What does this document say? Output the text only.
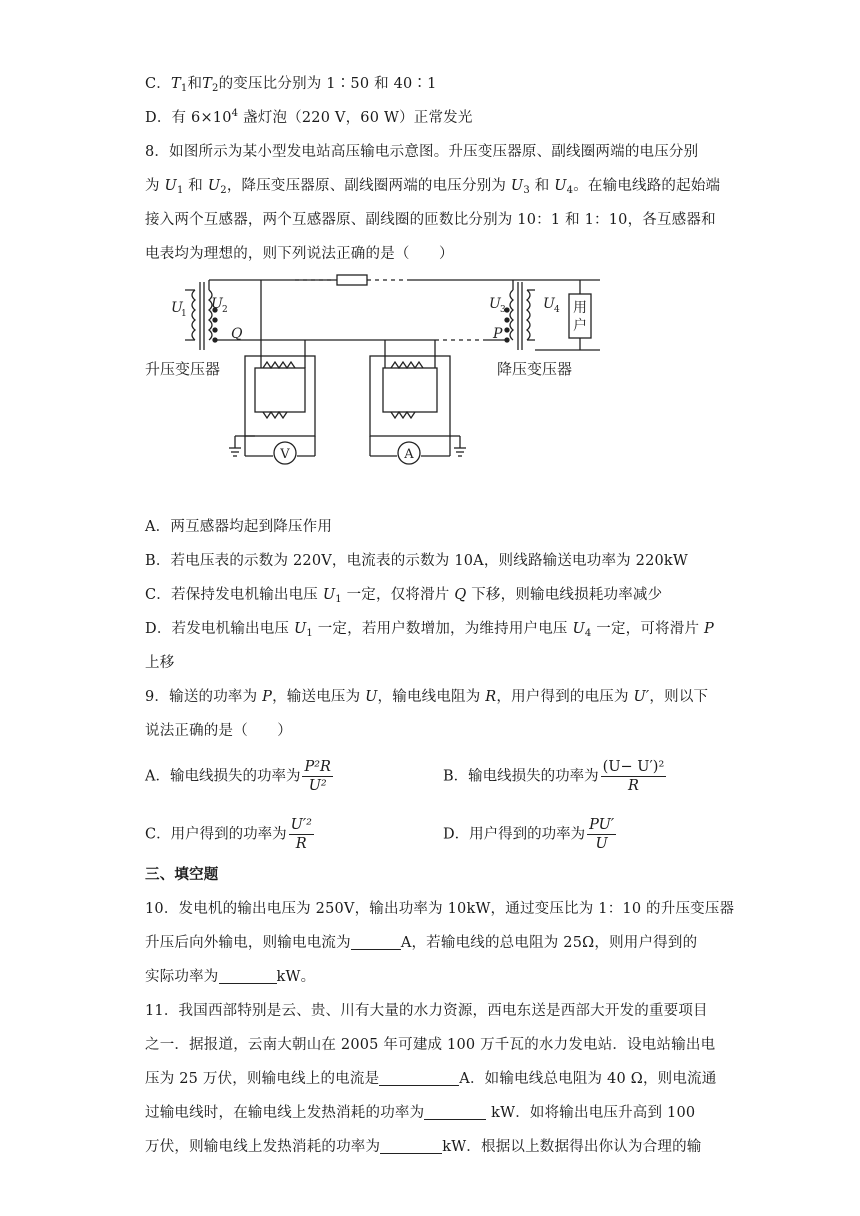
C．$T_1$和$T_2$的变压比分别为 1∶50 和 40∶1
D．有 $6\times 10^4$ 盏灯泡（220 V，60 W）正常发光
8．如图所示为某小型发电站高压输电示意图。升压变压器原、副线圈两端的电压分别
为 $U_1$ 和 $U_2$，降压变压器原、副线圈两端的电压分别为 $U_3$ 和 $U_4$。在输电线路的起始端
接入两个互感器，两个互感器原、副线圈的匝数比分别为 10：1 和 1：10，各互感器和
电表均为理想的，则下列说法正确的是（　　）
V	A
用
户
U
1
U 2
Q
U 3	U 4
P
升压变压器	降压变压器
A．两互感器均起到降压作用
B．若电压表的示数为 220V，电流表的示数为 10A，则线路输送电功率为 220kW
C．若保持发电机输出电压 $U_1$ 一定，仅将滑片 Q 下移，则输电线损耗功率减少
D．若发电机输出电压 $U_1$ 一定，若用户数增加，为维持用户电压 $U_4$ 一定，可将滑片 P
上移
9．输送的功率为 P，输送电压为 U，输电线电阻为 R，用户得到的电压为 U′，则以下
说法正确的是（　　）
A．输电线损失的功率为 $\frac{\text{P²R}}{\text{U²}}$	B．输电线损失的功率为 $\frac{\text{(U− U′)²}}{R}$
C．用户得到的功率为 $\frac{\text{U′²}}{R}$	D．用户得到的功率为 $\frac{PU'}{U}$
三、填空题
10．发电机的输出电压为 250V，输出功率为 10kW，通过变压比为 1：10 的升压变压器
升压后向外输电，则输电电流为	A，若输电线的总电阻为 25Ω，则用户得到的
实际功率为	kW。
11．我国西部特别是云、贵、川有大量的水力资源，西电东送是西部大开发的重要项目
之一．据报道，云南大朝山在 2005 年可建成 100 万千瓦的水力发电站．设电站输出电
压为 25 万伏，则输电线上的电流是	A．如输电线总电阻为 40 Ω，则电流通
过输电线时，在输电线上发热消耗的功率为	kW．如将输出电压升高到 100
万伏，则输电线上发热消耗的功率为	kW．根据以上数据得出你认为合理的输
